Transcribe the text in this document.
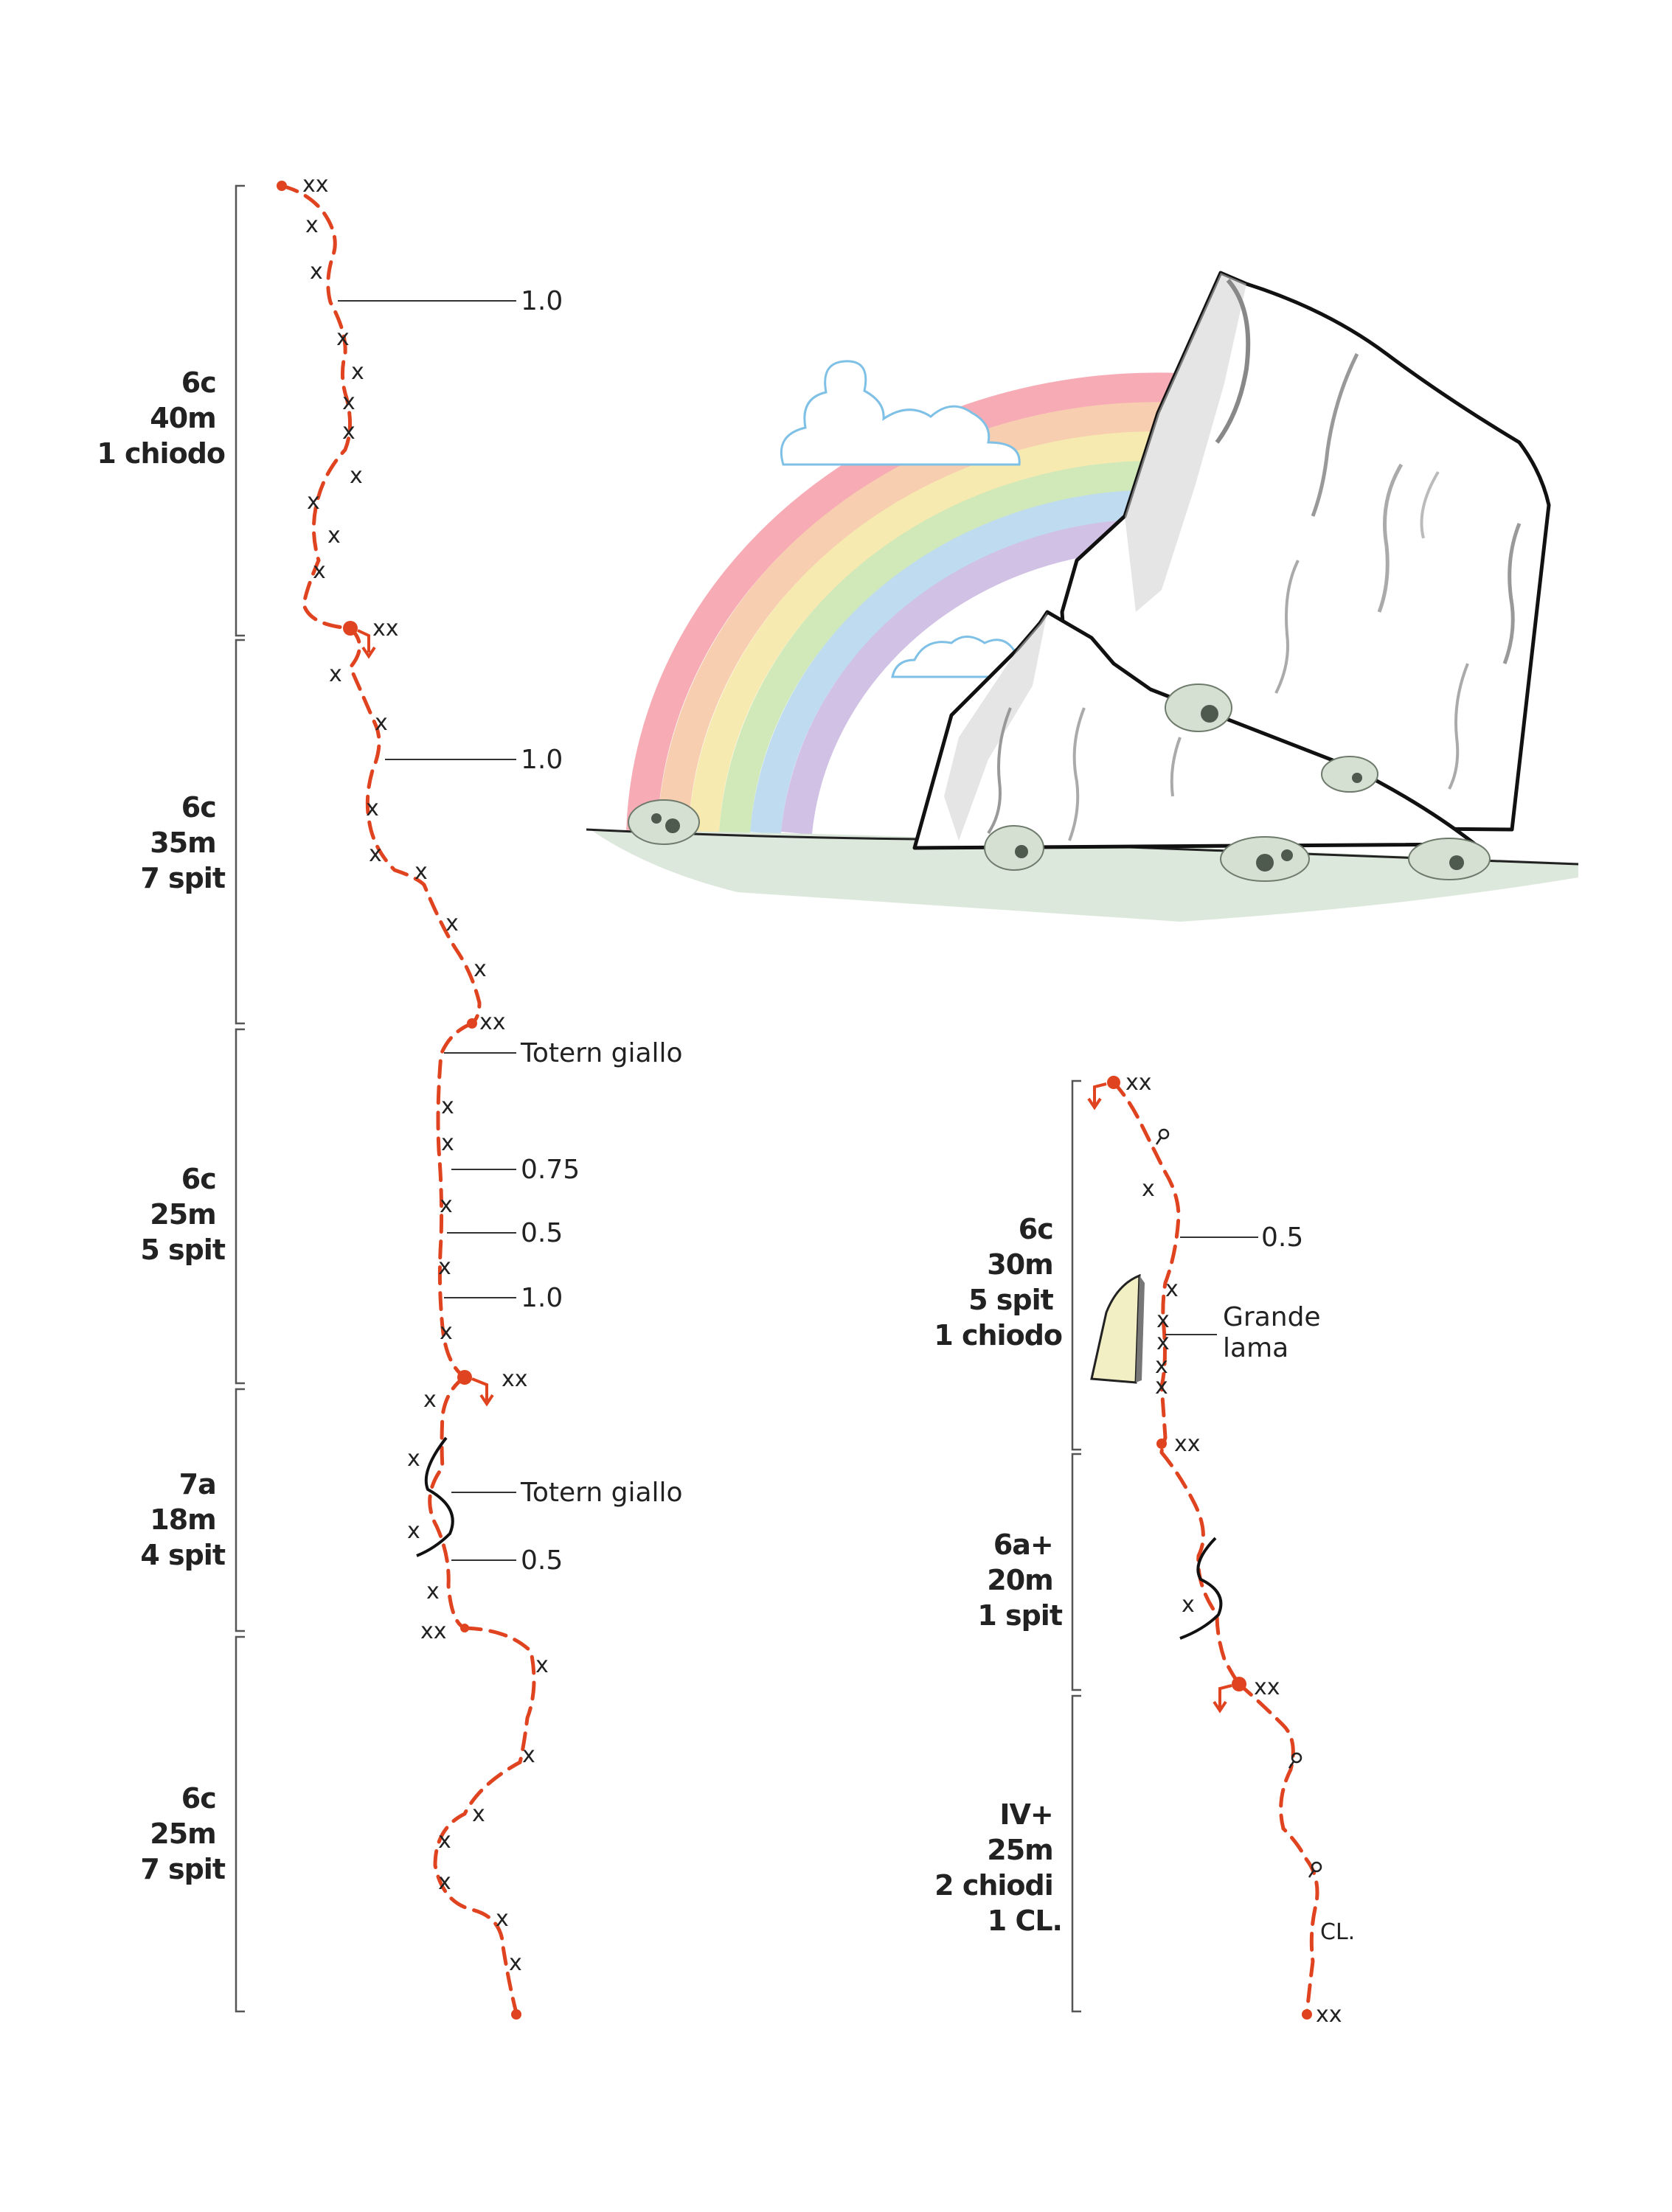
6c 40m 1 chiodo
6c 35m 7 spit
6c 25m 5 spit
7a 18m 4 spit
6c 25m 7 spit
xx
xx
xx
xx
xx
x
x
x
x
x
x
x
x
x
x
x
x
x
x
x
x
x
x
x
x
x
x
x
x
x
x
x
x
x
x
x
x
x
1.0
1.0
Totern giallo
0.75
0.5
1.0
Totern giallo
0.5
6c 30m 5 spit 1 chiodo
6a+ 20m 1 spit
IV+ 25m 2 chiodi 1 CL.
xx
xx
xx
xx
x
x
x
x
x
x
x
0.5
Grande lama
CL.
